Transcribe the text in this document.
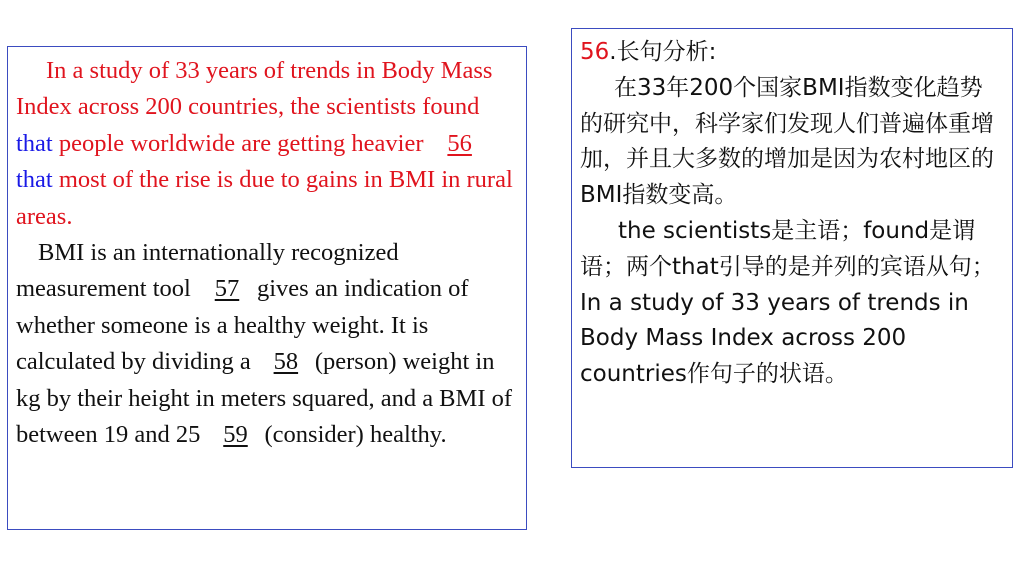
In a study of 33 years of trends in Body Mass Index across 200 countries, the scientists found that people worldwide are getting heavier 56that most of the rise is due to gains in BMI in rural areas.

BMI is an internationally recognized measurement tool 57 gives an indication of whether someone is a healthy weight. It is calculated by dividing a 58 (person) weight in kg by their height in meters squared, and a BMI of between 19 and 25 59 (consider) healthy.

56.长句分析:

在33年200个国家BMI指数变化趋势的研究中，科学家们发现人们普遍体重增加，并且大多数的增加是因为农村地区的BMI指数变高。

the scientists是主语；found是谓语；两个that引导的是并列的宾语从句；In a study of 33 years of trends in Body Mass Index across 200 countries作句子的状语。
